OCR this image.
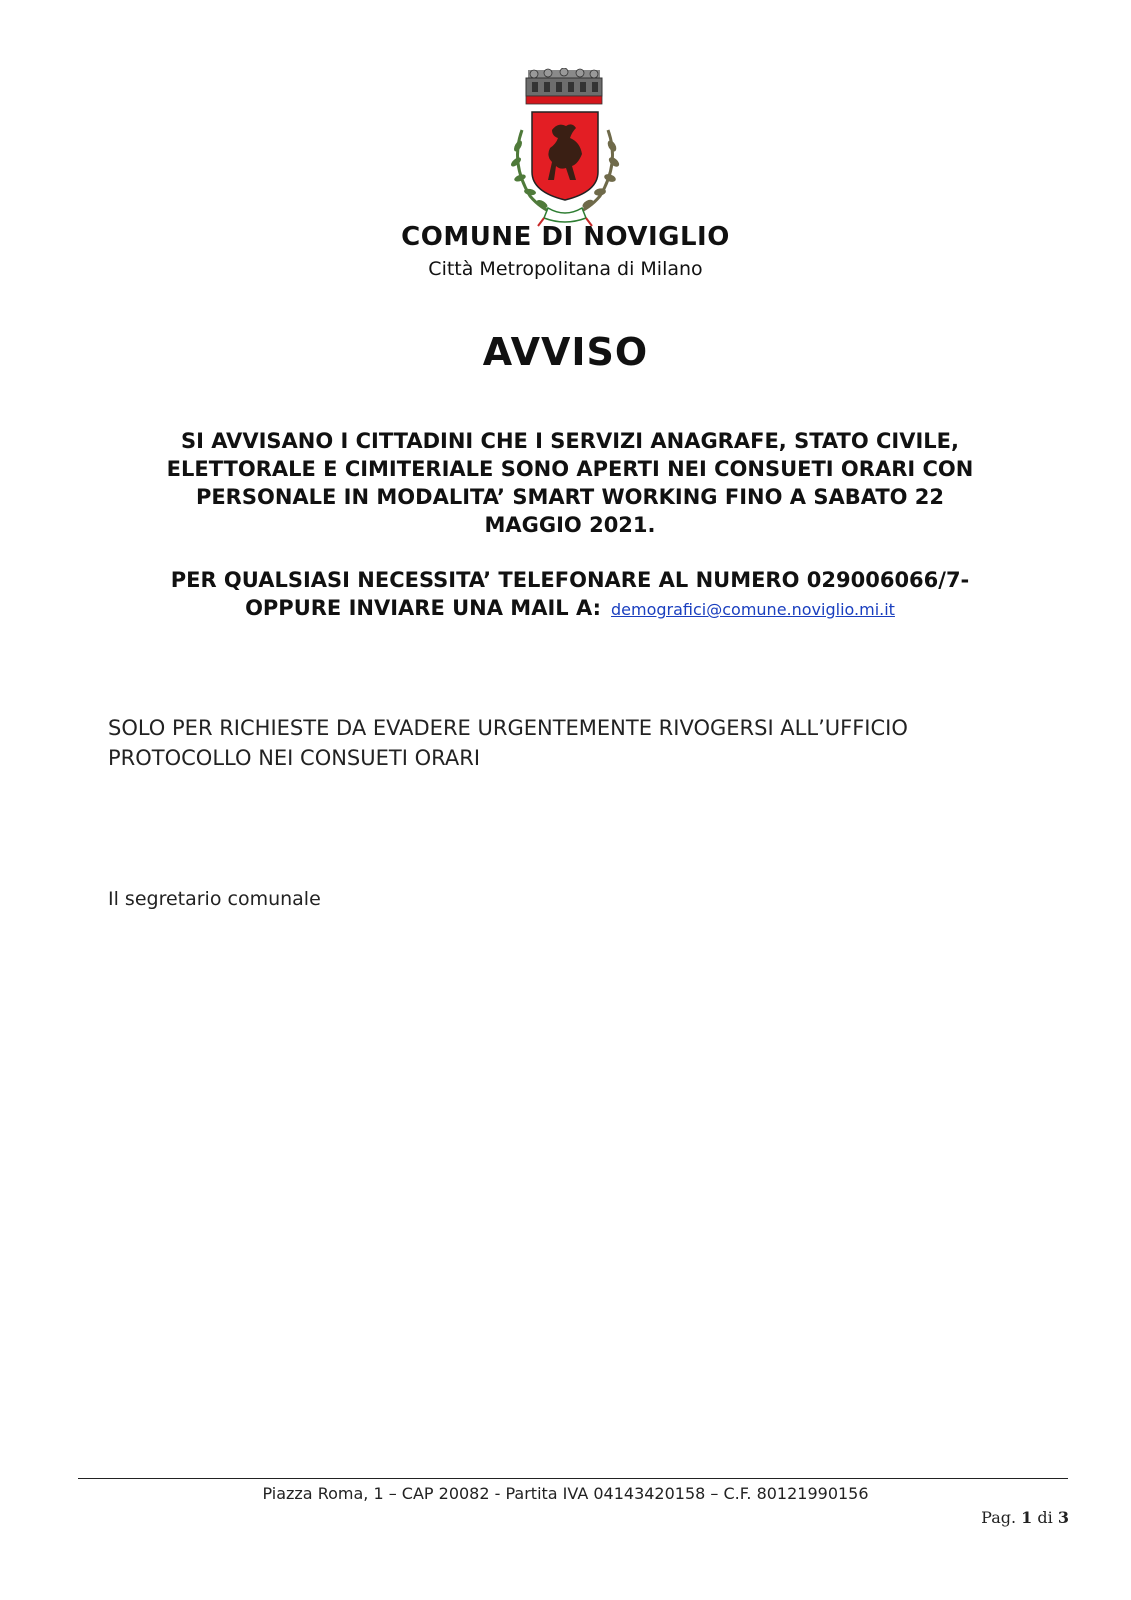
COMUNE DI NOVIGLIO
Città Metropolitana di Milano
AVVISO
SI AVVISANO I CITTADINI CHE I SERVIZI ANAGRAFE, STATO CIVILE,
ELETTORALE E CIMITERIALE SONO APERTI NEI CONSUETI ORARI CON
PERSONALE IN MODALITA’ SMART WORKING FINO A SABATO 22
MAGGIO 2021.
PER QUALSIASI NECESSITA’ TELEFONARE AL NUMERO 029006066/7-
OPPURE INVIARE UNA MAIL A: demografici@comune.noviglio.mi.it
SOLO PER RICHIESTE DA EVADERE URGENTEMENTE RIVOGERSI ALL’UFFICIO
PROTOCOLLO NEI CONSUETI ORARI
Il segretario comunale
Piazza Roma, 1 – CAP 20082 - Partita IVA 04143420158 – C.F. 80121990156
Pag. 1 di 3
